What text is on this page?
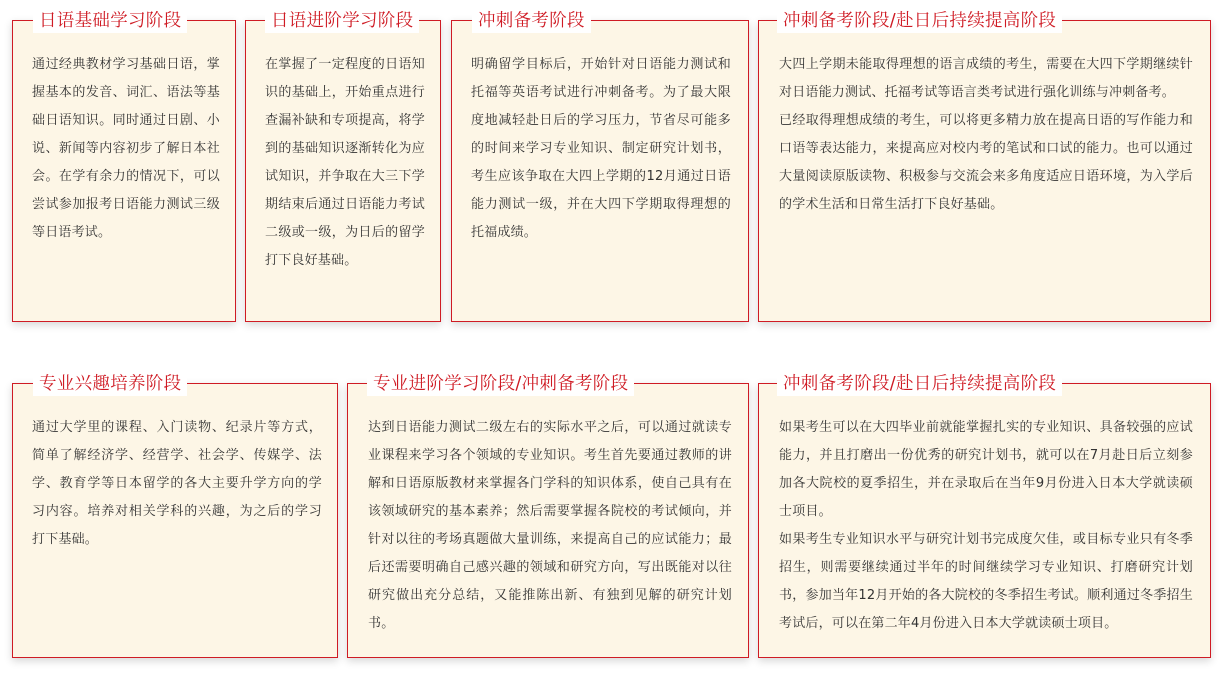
日语基础学习阶段

通过经典教材学习基础日语，掌握基本的发音、词汇、语法等基础日语知识。同时通过日剧、小说、新闻等内容初步了解日本社会。在学有余力的情况下，可以尝试参加报考日语能力测试三级等日语考试。

日语进阶学习阶段

在掌握了一定程度的日语知识的基础上，开始重点进行查漏补缺和专项提高，将学到的基础知识逐渐转化为应试知识，并争取在大三下学期结束后通过日语能力考试二级或一级，为日后的留学打下良好基础。

冲刺备考阶段

明确留学目标后，开始针对日语能力测试和托福等英语考试进行冲刺备考。为了最大限度地减轻赴日后的学习压力，节省尽可能多的时间来学习专业知识、制定研究计划书，考生应该争取在大四上学期的12月通过日语能力测试一级，并在大四下学期取得理想的托福成绩。

冲刺备考阶段/赴日后持续提高阶段

大四上学期未能取得理想的语言成绩的考生，需要在大四下学期继续针对日语能力测试、托福考试等语言类考试进行强化训练与冲刺备考。

已经取得理想成绩的考生，可以将更多精力放在提高日语的写作能力和口语等表达能力，来提高应对校内考的笔试和口试的能力。也可以通过大量阅读原版读物、积极参与交流会来多角度适应日语环境，为入学后的学术生活和日常生活打下良好基础。

专业兴趣培养阶段

通过大学里的课程、入门读物、纪录片等方式，简单了解经济学、经营学、社会学、传媒学、法学、教育学等日本留学的各大主要升学方向的学习内容。培养对相关学科的兴趣，为之后的学习打下基础。

专业进阶学习阶段/冲刺备考阶段

达到日语能力测试二级左右的实际水平之后，可以通过就读专业课程来学习各个领域的专业知识。考生首先要通过教师的讲解和日语原版教材来掌握各门学科的知识体系，使自己具有在该领域研究的基本素养；然后需要掌握各院校的考试倾向，并针对以往的考场真题做大量训练，来提高自己的应试能力；最后还需要明确自己感兴趣的领域和研究方向，写出既能对以往研究做出充分总结，又能推陈出新、有独到见解的研究计划书。

冲刺备考阶段/赴日后持续提高阶段

如果考生可以在大四毕业前就能掌握扎实的专业知识、具备较强的应试能力，并且打磨出一份优秀的研究计划书，就可以在7月赴日后立刻参加各大院校的夏季招生，并在录取后在当年9月份进入日本大学就读硕士项目。

如果考生专业知识水平与研究计划书完成度欠佳，或目标专业只有冬季招生，则需要继续通过半年的时间继续学习专业知识、打磨研究计划书，参加当年12月开始的各大院校的冬季招生考试。顺利通过冬季招生考试后，可以在第二年4月份进入日本大学就读硕士项目。
